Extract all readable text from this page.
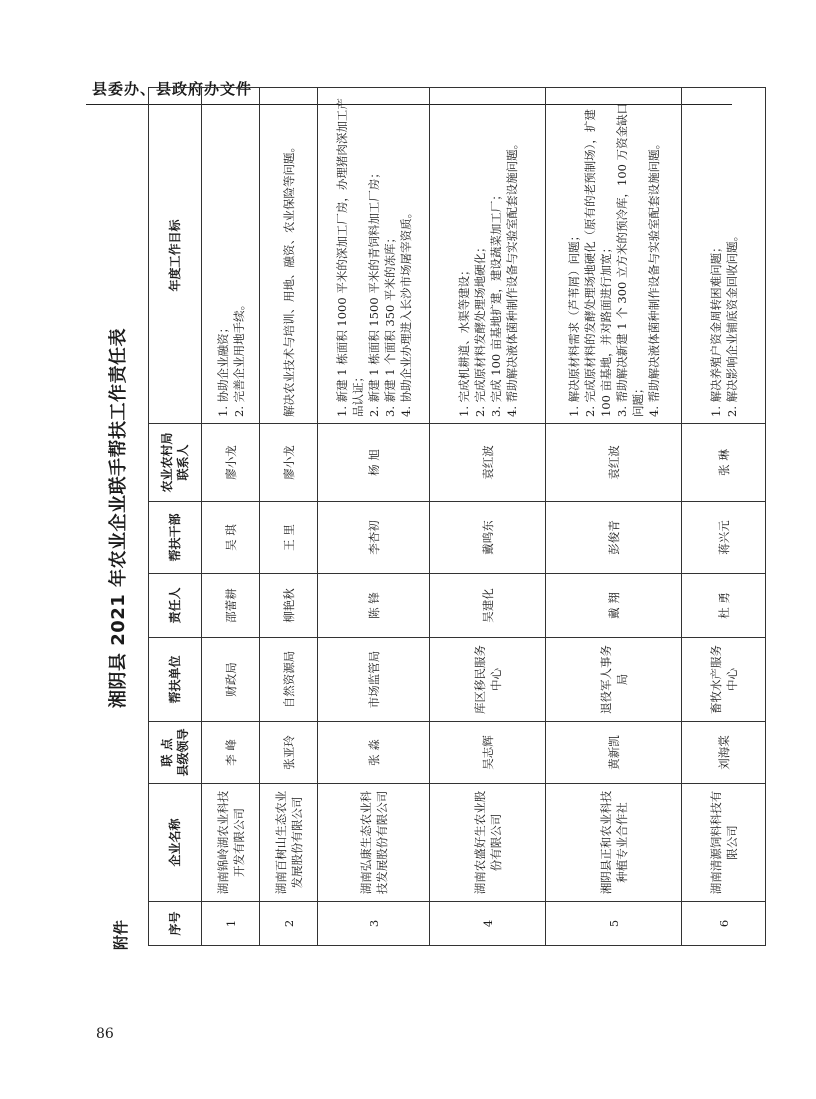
县委办、县政府办文件
86
湘阴县 2021 年农业企业联手帮扶工作责任表
附件	序号	企业名称	联 点 县级领导	帮扶单位	责任人	帮扶干部	农业农村局 联系人	年度工作目标
1	湖南锦岭湖农业科技开发有限公司	李 峰	财政局	邵蕾耕	吴 琪	廖小龙	1. 协助企业融资； 2. 完善企业用地手续。

2	湖南百树山生态农业发展股份有限公司	张亚玲	自然资源局	柳艳秋	王 里	廖小龙	解决农业技术与培训、用地、融资、农业保险等问题。

3	湖南弘康生态农业科技发展股份有限公司	张 淼	市场监管局	陈 锋	李杏初	杨 旭	1. 新建 1 栋面积 1000 平米的深加工厂房，办理猪肉深加工产品认证； 2. 新建 1 栋面积 1500 平米的青饲料加工厂房； 3. 新建 1 个面积 350 平米的冻库； 4. 协助企业办理进入长沙市场屠宰资质。

4	湖南农盛好生农业股份有限公司	吴志辉	库区移民服务中心	吴建化	戴鸣东	袁红波	1. 完成机耕道、水渠等建设； 2. 完成原材料发酵处理场地硬化； 3. 完成 100 亩基地扩建，建设蔬菜加工厂； 4. 帮助解决液体菌种制作设备与实验室配套设施问题。

5	湘阴县正和农业科技种植专业合作社	黄新凯	退役军人事务局	戴 翔	彭俊青	袁红波	1. 解决原材料需求（芦苇屑）问题； 2. 完成原材料的发酵处理场地硬化（原有的老预制场），扩建 100 亩基地，并对路面进行加宽； 3. 帮助解决新建 1 个 300 立方米的预冷库，100 万资金缺口问题； 4. 帮助解决液体菌种制作设备与实验室配套设施问题。

6	湖南清源饲料科技有限公司	刘海棠	畜牧水产服务中心	杜 勇	蒋兴元	张 琳	1. 解决养殖户资金周转困难问题； 2. 解决影响企业铺底资金回收问题。
